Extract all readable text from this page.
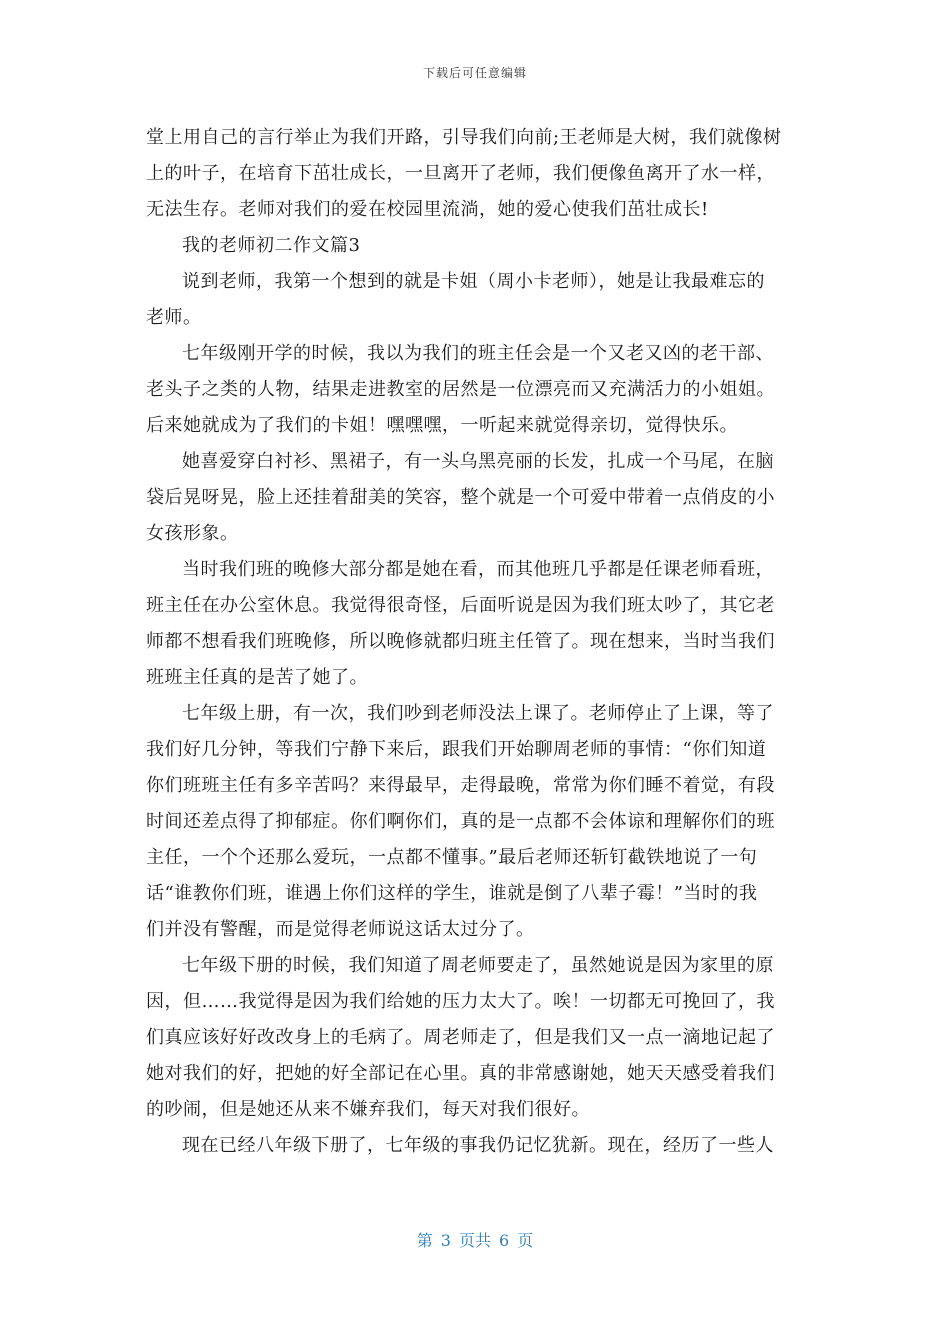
下载后可任意编辑
堂上用自己的言行举止为我们开路，引导我们向前;王老师是大树，我们就像树
上的叶子，在培育下茁壮成长，一旦离开了老师，我们便像鱼离开了水一样，
无法生存。老师对我们的爱在校园里流淌，她的爱心使我们茁壮成长!
我的老师初二作文篇3
说到老师，我第一个想到的就是卡姐（周小卡老师），她是让我最难忘的
老师。
七年级刚开学的时候，我以为我们的班主任会是一个又老又凶的老干部、
老头子之类的人物，结果走进教室的居然是一位漂亮而又充满活力的小姐姐。
后来她就成为了我们的卡姐！嘿嘿嘿，一听起来就觉得亲切，觉得快乐。
她喜爱穿白衬衫、黑裙子，有一头乌黑亮丽的长发，扎成一个马尾，在脑
袋后晃呀晃，脸上还挂着甜美的笑容，整个就是一个可爱中带着一点俏皮的小
女孩形象。
当时我们班的晚修大部分都是她在看，而其他班几乎都是任课老师看班，
班主任在办公室休息。我觉得很奇怪，后面听说是因为我们班太吵了，其它老
师都不想看我们班晚修，所以晚修就都归班主任管了。现在想来，当时当我们
班班主任真的是苦了她了。
七年级上册，有一次，我们吵到老师没法上课了。老师停止了上课，等了
我们好几分钟，等我们宁静下来后，跟我们开始聊周老师的事情：“你们知道
你们班班主任有多辛苦吗？来得最早，走得最晚，常常为你们睡不着觉，有段
时间还差点得了抑郁症。你们啊你们，真的是一点都不会体谅和理解你们的班
主任，一个个还那么爱玩，一点都不懂事。”最后老师还斩钉截铁地说了一句
话“谁教你们班，谁遇上你们这样的学生，谁就是倒了八辈子霉！”当时的我
们并没有警醒，而是觉得老师说这话太过分了。
七年级下册的时候，我们知道了周老师要走了，虽然她说是因为家里的原
因，但……我觉得是因为我们给她的压力太大了。唉！一切都无可挽回了，我
们真应该好好改改身上的毛病了。周老师走了，但是我们又一点一滴地记起了
她对我们的好，把她的好全部记在心里。真的非常感谢她，她天天感受着我们
的吵闹，但是她还从来不嫌弃我们，每天对我们很好。
现在已经八年级下册了，七年级的事我仍记忆犹新。现在，经历了一些人
第 3 页共 6 页
